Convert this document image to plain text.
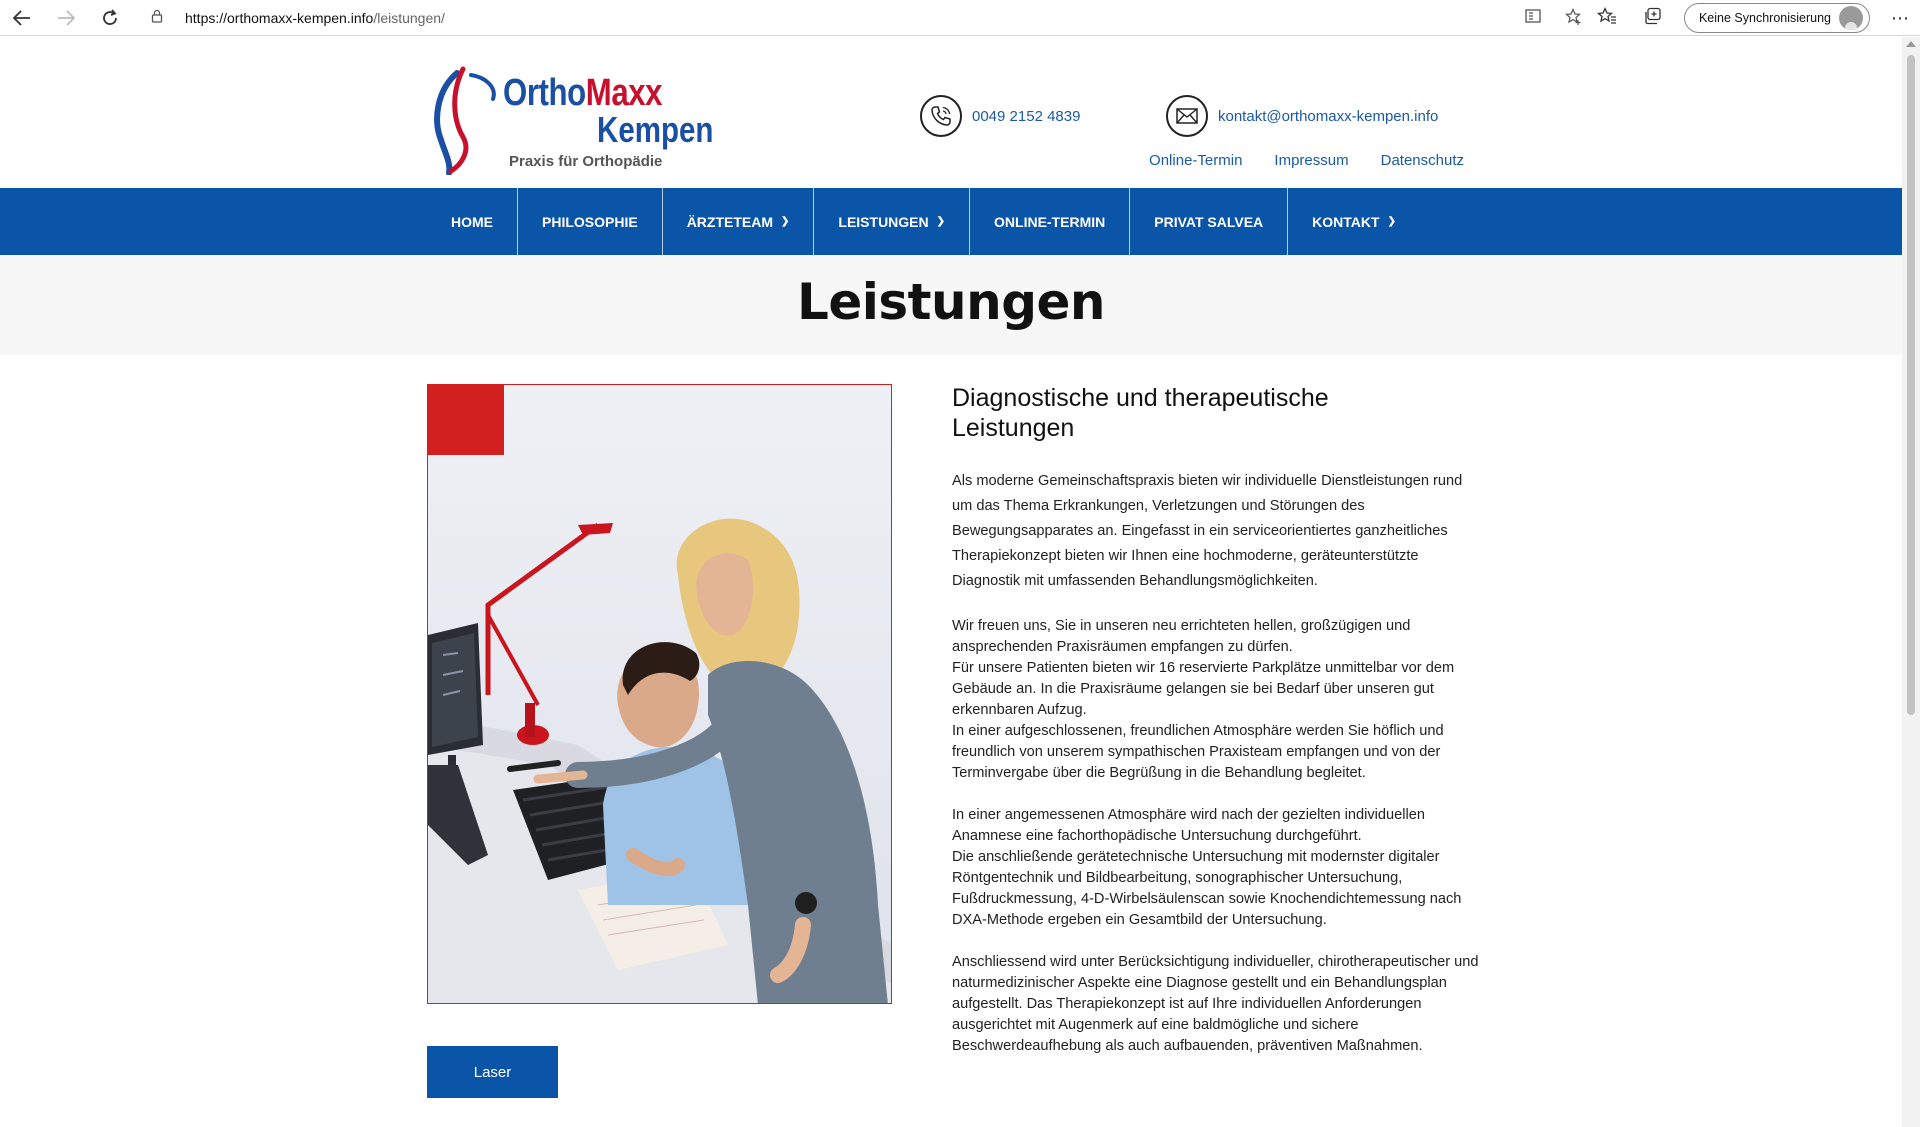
https://orthomaxx-kempen.info/leistungen/	Keine Synchronisierung	⋯
OrthoMaxx
Kempen
Praxis für Orthopädie
0049 2152 4839	kontakt@orthomaxx-kempen.info
Online-Termin Impressum Datenschutz
HOME	PHILOSOPHIE	ÄRZTETEAM ❯	LEISTUNGEN ❯	ONLINE-TERMIN	PRIVAT SALVEA	KONTAKT ❯
Leistungen
Laser
Diagnostische und therapeutische Leistungen

Als moderne Gemeinschaftspraxis bieten wir individuelle Dienstleistungen rund um das Thema Erkrankungen, Verletzungen und Störungen des Bewegungsapparates an. Eingefasst in ein serviceorientiertes ganzheitliches Therapiekonzept bieten wir Ihnen eine hochmoderne, geräteunterstützte Diagnostik mit umfassenden Behandlungsmöglichkeiten.

Wir freuen uns, Sie in unseren neu errichteten hellen, großzügigen und ansprechenden Praxisräumen empfangen zu dürfen.
Für unsere Patienten bieten wir 16 reservierte Parkplätze unmittelbar vor dem Gebäude an. In die Praxisräume gelangen sie bei Bedarf über unseren gut erkennbaren Aufzug.
In einer aufgeschlossenen, freundlichen Atmosphäre werden Sie höflich und freundlich von unserem sympathischen Praxisteam empfangen und von der Terminvergabe über die Begrüßung in die Behandlung begleitet.

In einer angemessenen Atmosphäre wird nach der gezielten individuellen Anamnese eine fachorthopädische Untersuchung durchgeführt.
Die anschließende gerätetechnische Untersuchung mit modernster digitaler Röntgentechnik und Bildbearbeitung, sonographischer Untersuchung, Fußdruckmessung, 4-D-Wirbelsäulenscan sowie Knochendichtemessung nach DXA-Methode ergeben ein Gesamtbild der Untersuchung.

Anschliessend wird unter Berücksichtigung individueller, chirotherapeutischer und naturmedizinischer Aspekte eine Diagnose gestellt und ein Behandlungsplan aufgestellt. Das Therapiekonzept ist auf Ihre individuellen Anforderungen ausgerichtet mit Augenmerk auf eine baldmögliche und sichere Beschwerdeaufhebung als auch aufbauenden, präventiven Maßnahmen.
